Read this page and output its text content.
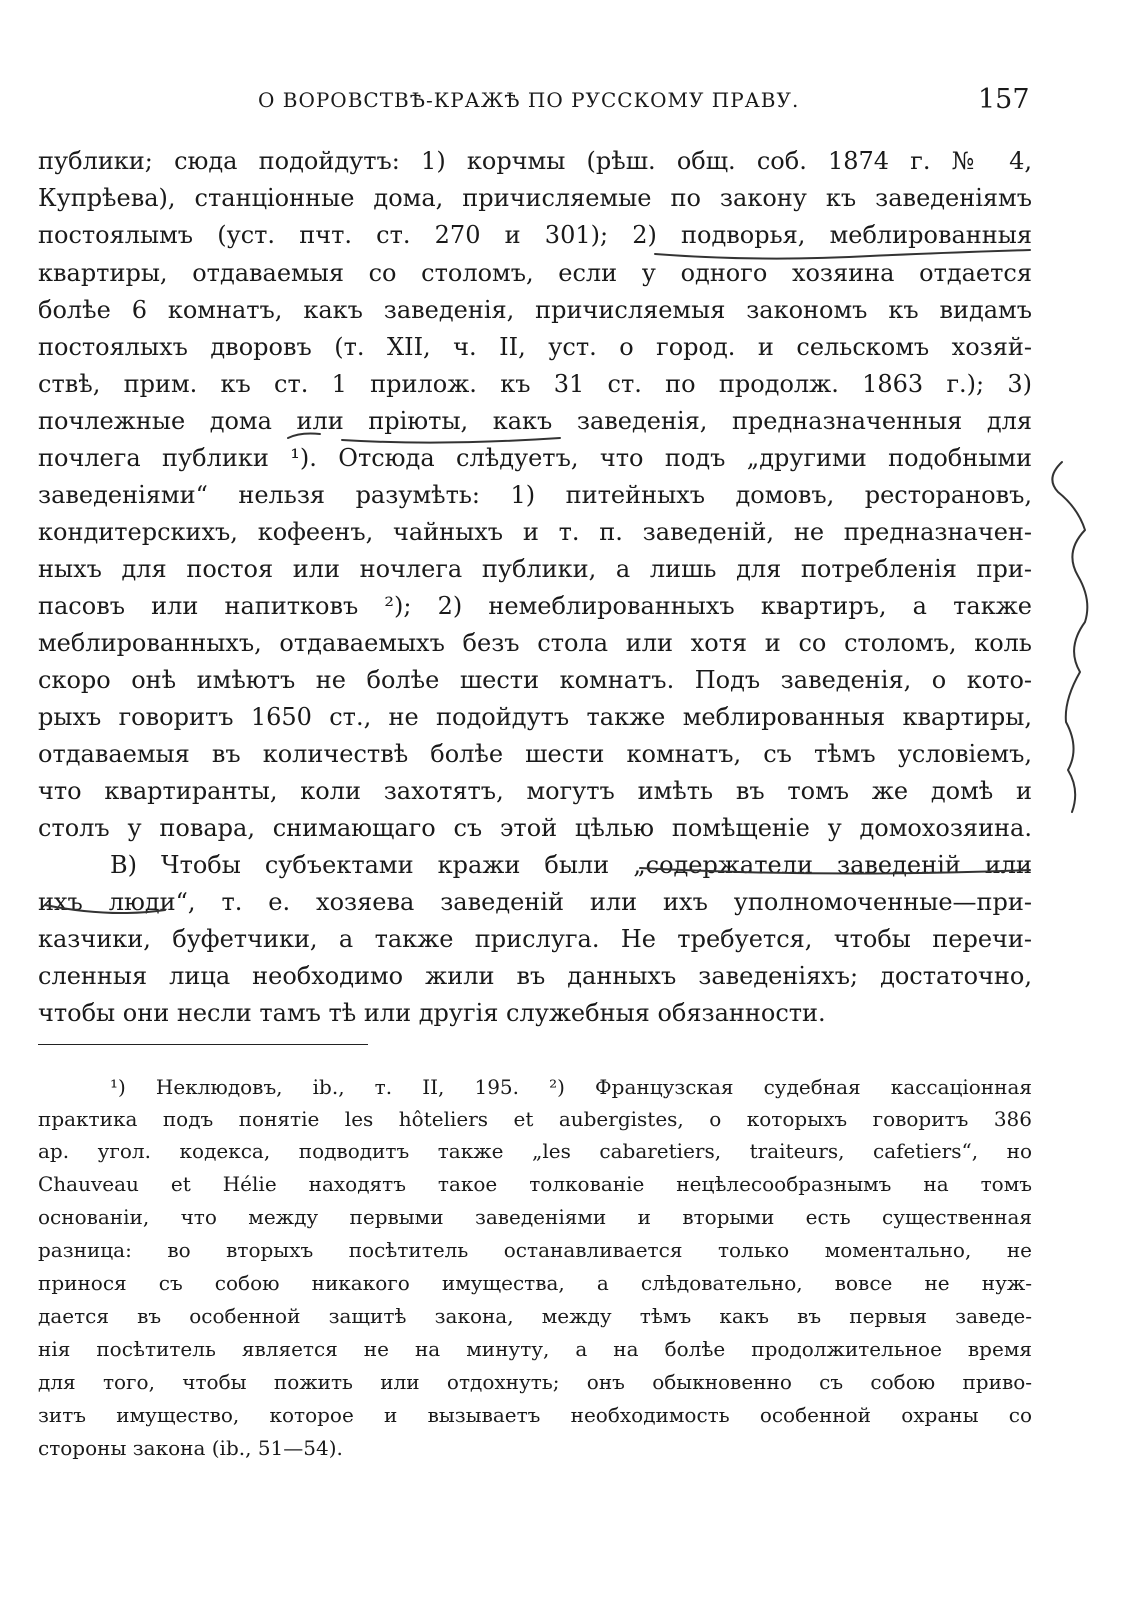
О ВОРОВСТВѢ-КРАЖѢ ПО РУССКОМУ ПРАВУ.	157
публики; сюда подойдутъ: 1) корчмы (рѣш. общ. соб. 1874 г. № 4,
Купрѣева), станціонные дома, причисляемые по закону къ заведеніямъ
постоялымъ (уст. пчт. ст. 270 и 301); 2) подворья, меблированныя
квартиры, отдаваемыя со столомъ, если у одного хозяина отдается
болѣе 6 комнатъ, какъ заведенія, причисляемыя закономъ къ видамъ
постоялыхъ дворовъ (т. XII, ч. II, уст. о город. и сельскомъ хозяй-
ствѣ, прим. къ ст. 1 прилож. къ 31 ст. по продолж. 1863 г.); 3)
почлежные дома или пріюты, какъ заведенія, предназначенныя для
почлега публики ¹). Отсюда слѣдуетъ, что подъ „другими подобными
заведеніями“ нельзя разумѣть: 1) питейныхъ домовъ, ресторановъ,
кондитерскихъ, кофеенъ, чайныхъ и т. п. заведеній, не предназначен-
ныхъ для постоя или ночлега публики, а лишь для потребленія при-
пасовъ или напитковъ ²); 2) немеблированныхъ квартиръ, а также
меблированныхъ, отдаваемыхъ безъ стола или хотя и со столомъ, коль
скоро онѣ имѣютъ не болѣе шести комнатъ. Подъ заведенія, о кото-
рыхъ говоритъ 1650 ст., не подойдутъ также меблированныя квартиры,
отдаваемыя въ количествѣ болѣе шести комнатъ, съ тѣмъ условіемъ,
что квартиранты, коли захотятъ, могутъ имѣть въ томъ же домѣ и
столъ у повара, снимающаго съ этой цѣлью помѣщеніе у домохозяина.
В) Чтобы субъектами кражи были „содержатели заведеній или
ихъ люди“, т. е. хозяева заведеній или ихъ уполномоченные—при-
казчики, буфетчики, а также прислуга. Не требуется, чтобы перечи-
сленныя лица необходимо жили въ данныхъ заведеніяхъ; достаточно,
чтобы они несли тамъ тѣ или другія служебныя обязанности.
¹) Неклюдовъ, ib., т. II, 195. ²) Французская судебная кассаціонная
практика подъ понятіе les hôteliers et aubergistes, о которыхъ говоритъ 386
ар. угол. кодекса, подводитъ также „les cabaretiers, traiteurs, cafetiers“, но
Chauveau et Hélie находятъ такое толкованіе нецѣлесообразнымъ на томъ
основаніи, что между первыми заведеніями и вторыми есть существенная
разница: во вторыхъ посѣтитель останавливается только моментально, не
принося съ собою никакого имущества, а слѣдовательно, вовсе не нуж-
дается въ особенной защитѣ закона, между тѣмъ какъ въ первыя заведе-
нія посѣтитель является не на минуту, а на болѣе продолжительное время
для того, чтобы пожить или отдохнуть; онъ обыкновенно съ собою приво-
зитъ имущество, которое и вызываетъ необходимость особенной охраны со
стороны закона (ib., 51—54).
